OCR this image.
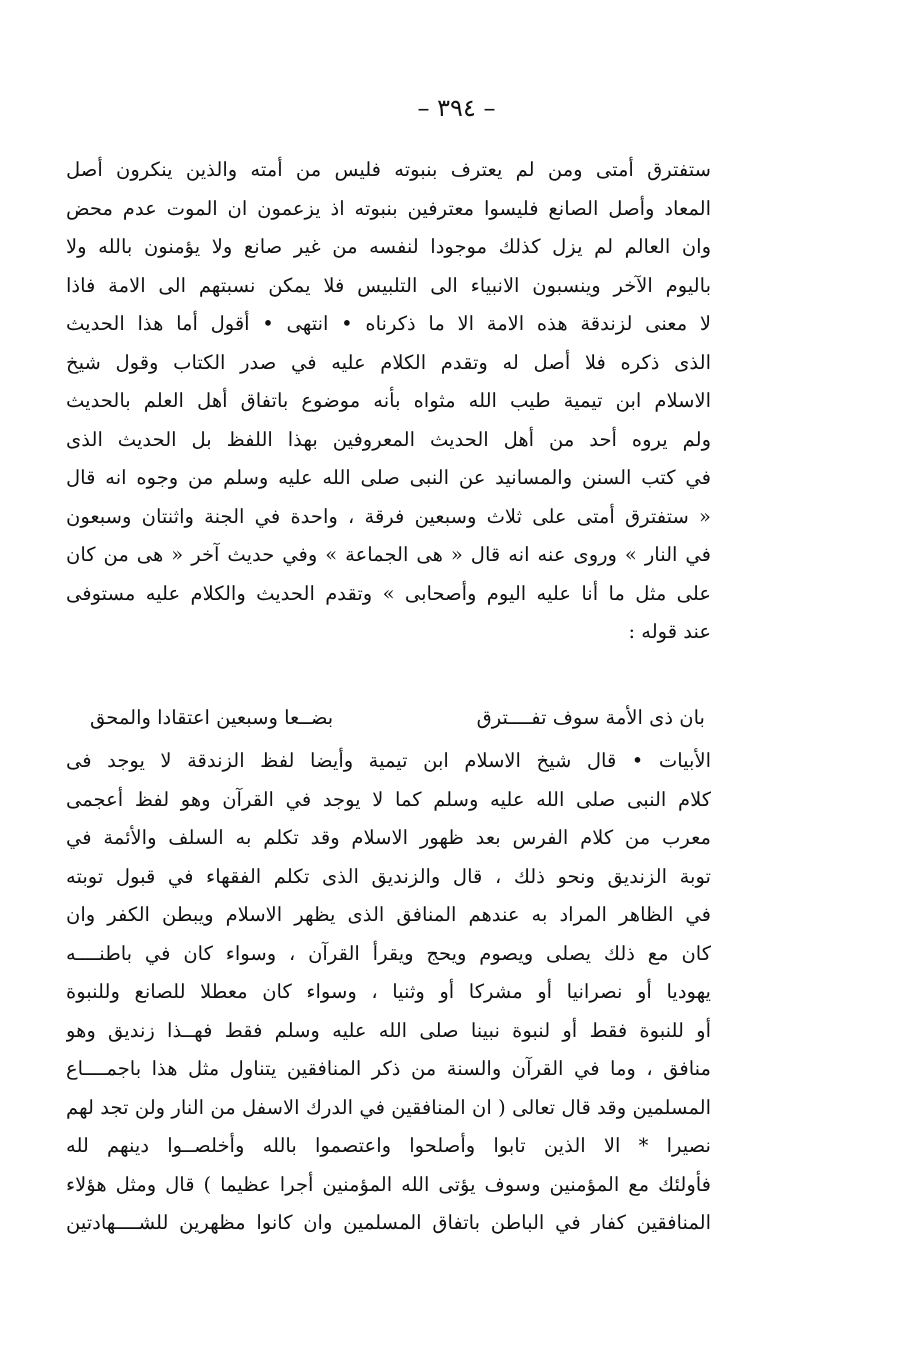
– ٣٩٤ –
ستفترق أمتى ومن لم يعترف بنبوته فليس من أمته والذين ينكرون أصل
المعاد وأصل الصانع فليسوا معترفين بنبوته اذ يزعمون ان الموت عدم محض
وان العالم لم يزل كذلك موجودا لنفسه من غير صانع ولا يؤمنون بالله ولا
باليوم الآخر وينسبون الانبياء الى التلبيس فلا يمكن نسبتهم الى الامة فاذا
لا معنى لزندقة هذه الامة الا ما ذكرناه • انتهى • أقول أما هذا الحديث
الذى ذكره فلا أصل له وتقدم الكلام عليه في صدر الكتاب وقول شيخ
الاسلام ابن تيمية طيب الله مثواه بأنه موضوع باتفاق أهل العلم بالحديث
ولم يروه أحد من أهل الحديث المعروفين بهذا اللفظ بل الحديث الذى
في كتب السنن والمسانيد عن النبى صلى الله عليه وسلم من وجوه انه قال
« ستفترق أمتى على ثلاث وسبعين فرقة ، واحدة في الجنة واثنتان وسبعون
في النار » وروى عنه انه قال « هى الجماعة » وفي حديث آخر « هى من كان
على مثل ما أنا عليه اليوم وأصحابى » وتقدم الحديث والكلام عليه مستوفى
عند قوله :
بان ذى الأمة سوف تفــــترق
بضــعا وسبعين اعتقادا والمحق
الأبيات • قال شيخ الاسلام ابن تيمية وأيضا لفظ الزندقة لا يوجد فى
كلام النبى صلى الله عليه وسلم كما لا يوجد في القرآن وهو لفظ أعجمى
معرب من كلام الفرس بعد ظهور الاسلام وقد تكلم به السلف والأئمة في
توبة الزنديق ونحو ذلك ، قال والزنديق الذى تكلم الفقهاء في قبول توبته
في الظاهر المراد به عندهم المنافق الذى يظهر الاسلام ويبطن الكفر وان
كان مع ذلك يصلى ويصوم ويحج ويقرأ القرآن ، وسواء كان في باطنــــه
يهوديا أو نصرانيا أو مشركا أو وثنيا ، وسواء كان معطلا للصانع وللنبوة
أو للنبوة فقط أو لنبوة نبينا صلى الله عليه وسلم فقط فهــذا زنديق وهو
منافق ، وما في القرآن والسنة من ذكر المنافقين يتناول مثل هذا باجمــــاع
المسلمين وقد قال تعالى ( ان المنافقين في الدرك الاسفل من النار ولن تجد لهم
نصيرا * الا الذين تابوا وأصلحوا واعتصموا بالله وأخلصــوا دينهم لله
فأولئك مع المؤمنين وسوف يؤتى الله المؤمنين أجرا عظيما ) قال ومثل هؤلاء
المنافقين كفار في الباطن باتفاق المسلمين وان كانوا مظهرين للشــــهادتين
